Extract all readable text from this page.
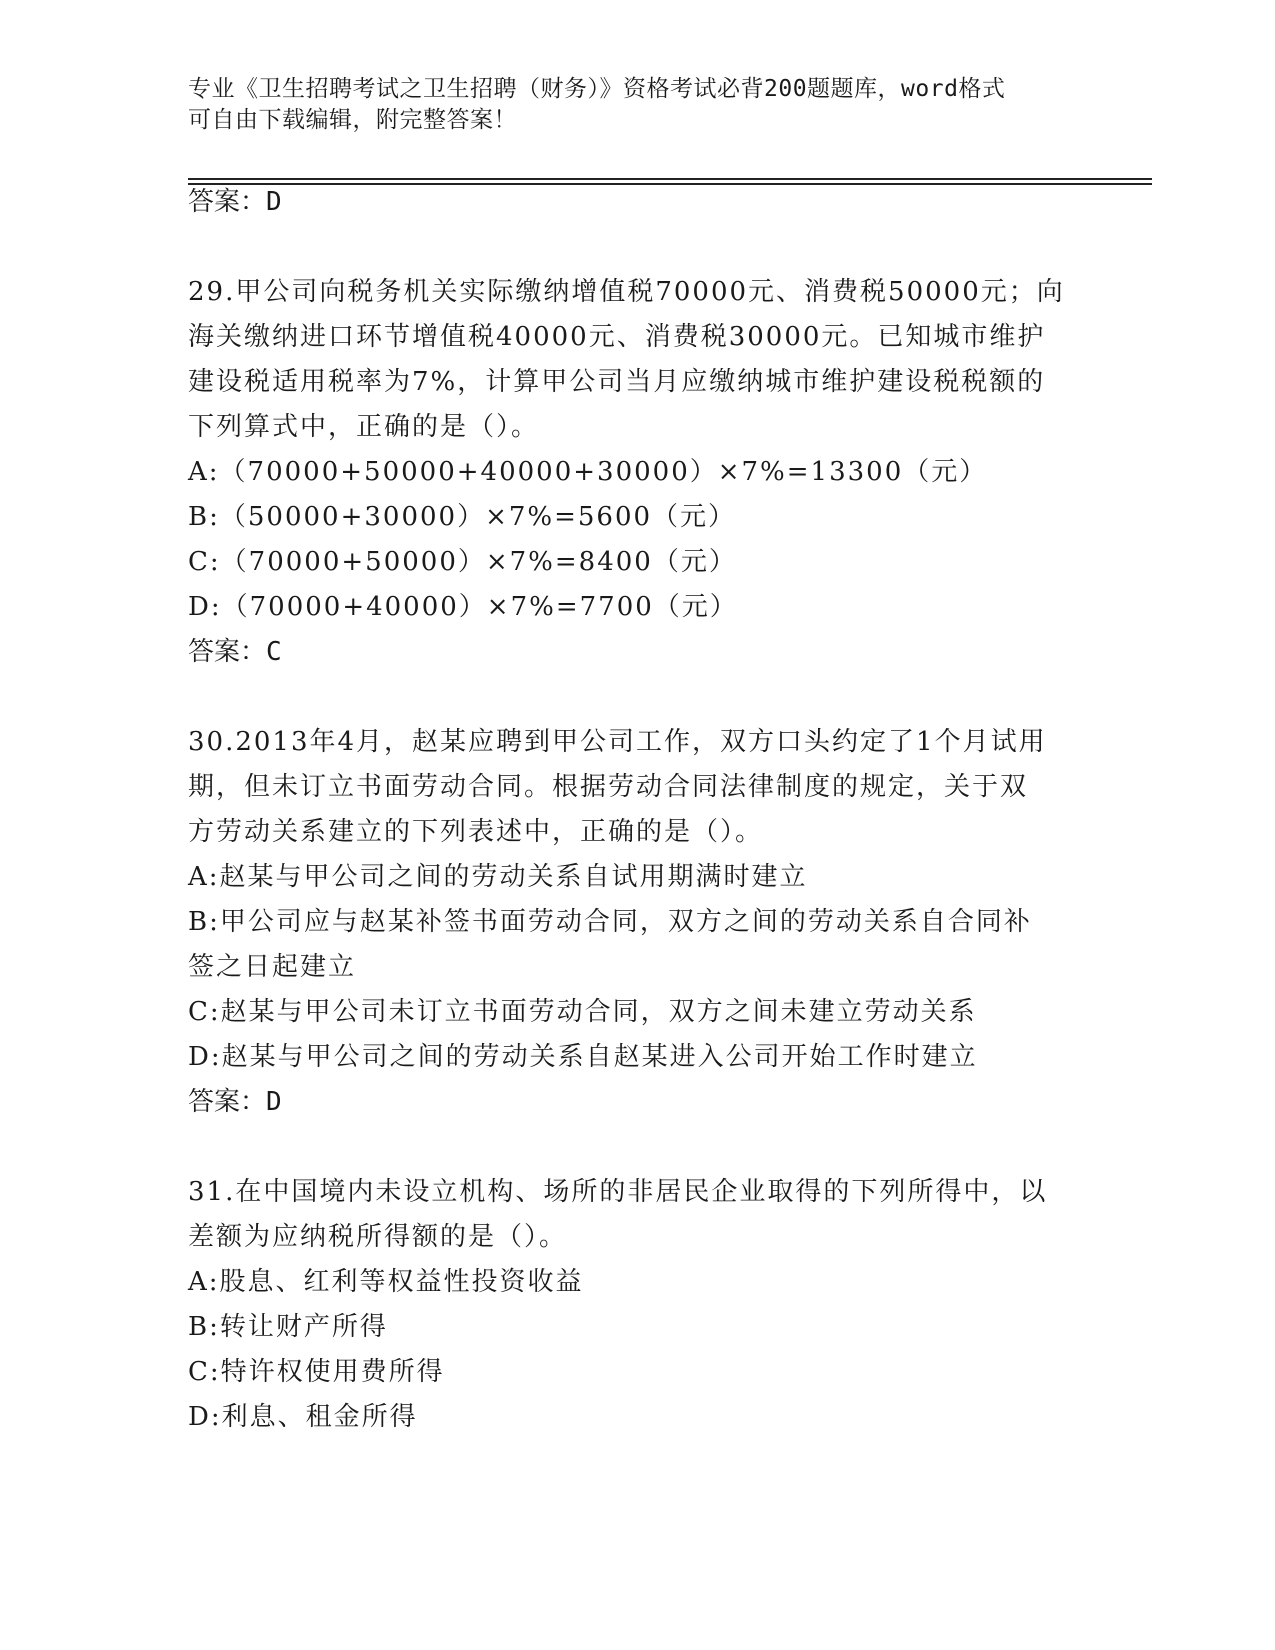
专业《卫生招聘考试之卫生招聘（财务）》资格考试必背200题题库，word格式
可自由下载编辑，附完整答案！
答案：D
29.甲公司向税务机关实际缴纳增值税70000元、消费税50000元；向
海关缴纳进口环节增值税40000元、消费税30000元。已知城市维护
建设税适用税率为7%，计算甲公司当月应缴纳城市维护建设税税额的
下列算式中，正确的是（）。
A:（70000+50000+40000+30000）×7%=13300（元）
B:（50000+30000）×7%=5600（元）
C:（70000+50000）×7%=8400（元）
D:（70000+40000）×7%=7700（元）
答案：C
30.2013年4月，赵某应聘到甲公司工作，双方口头约定了1个月试用
期，但未订立书面劳动合同。根据劳动合同法律制度的规定，关于双
方劳动关系建立的下列表述中，正确的是（）。
A:赵某与甲公司之间的劳动关系自试用期满时建立
B:甲公司应与赵某补签书面劳动合同，双方之间的劳动关系自合同补
签之日起建立
C:赵某与甲公司未订立书面劳动合同，双方之间未建立劳动关系
D:赵某与甲公司之间的劳动关系自赵某进入公司开始工作时建立
答案：D
31.在中国境内未设立机构、场所的非居民企业取得的下列所得中，以
差额为应纳税所得额的是（）。
A:股息、红利等权益性投资收益
B:转让财产所得
C:特许权使用费所得
D:利息、租金所得
